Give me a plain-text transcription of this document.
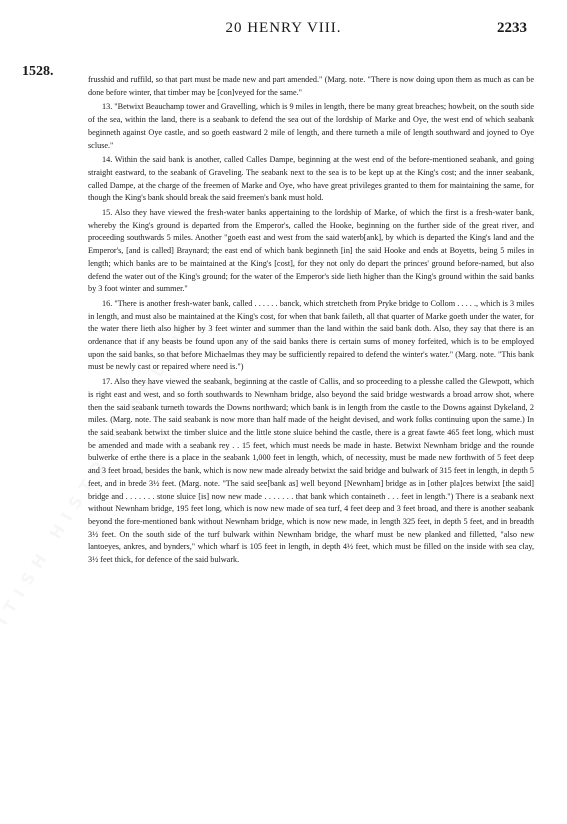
20 HENRY VIII.	2233
1528.

frusshid and ruffild, so that part must be made new and part amended." (Marg. note. "There is now doing upon them as much as can be done before winter, that timber may be [con]veyed for the same."

13. "Betwixt Beauchamp tower and Gravelling, which is 9 miles in length, there be many great breaches; howbeit, on the south side of the sea, within the land, there is a seabank to defend the sea out of the lordship of Marke and Oye, the west end of which seabank beginneth against Oye castle, and so goeth eastward 2 mile of length, and there turneth a mile of length southward and joyned to Oye scluse."

14. Within the said bank is another, called Calles Dampe, beginning at the west end of the before-mentioned seabank, and going straight eastward, to the seabank of Graveling. The seabank next to the sea is to be kept up at the King's cost; and the inner seabank, called Dampe, at the charge of the freemen of Marke and Oye, who have great privileges granted to them for maintaining the same, for though the King's bank should break the said freemen's bank must hold.

15. Also they have viewed the fresh-water banks appertaining to the lordship of Marke, of which the first is a fresh-water bank, whereby the King's ground is departed from the Emperor's, called the Hooke, beginning on the further side of the great river, and proceeding southwards 5 miles. Another "goeth east and west from the said waterb[ank], by which is departed the King's land and the Emperor's, [and is called] Braynard; the east end of which bank beginneth [in] the said Hooke and ends at Boyetts, being 5 miles in length; which banks are to be maintained at the King's [cost], for they not only do depart the princes' ground before-named, but also defend the water out of the King's ground; for the water of the Emperor's side lieth higher than the King's ground within the said banks by 3 foot winter and summer."

16. "There is another fresh-water bank, called . . . . . . banck, which stretcheth from Pryke bridge to Collom . . . . ., which is 3 miles in length, and must also be maintained at the King's cost, for when that bank faileth, all that quarter of Marke goeth under the water, for the water there lieth also higher by 3 feet winter and summer than the land within the said bank doth. Also, they say that there is an ordenance that if any beasts be found upon any of the said banks there is certain sums of money forfeited, which is to be employed upon the said banks, so that before Michaelmas they may be sufficiently repaired to defend the winter's water." (Marg. note. "This bank must be newly cast or repaired where need is.")

17. Also they have viewed the seabank, beginning at the castle of Callis, and so proceeding to a plesshe called the Glewpott, which is right east and west, and so forth southwards to Newnham bridge, also beyond the said bridge westwards a broad arrow shot, where then the said seabank turneth towards the Downs northward; which bank is in length from the castle to the Downs against Dykeland, 2 miles. (Marg. note. The said seabank is now more than half made of the height devised, and work folks continuing upon the same.) In the said seabank betwixt the timber sluice and the little stone sluice behind the castle, there is a great fawte 465 feet long, which must be amended and made with a seabank rey . . 15 feet, which must needs be made in haste. Betwixt Newnham bridge and the rounde bulwerke of erthe there is a place in the seabank 1,000 feet in length, which, of necessity, must be made new forthwith of 5 feet deep and 3 feet broad, besides the bank, which is now new made already betwixt the said bridge and bulwark of 315 feet in length, in depth 5 feet, and in brede 3½ feet. (Marg. note. "The said see[bank as] well beyond [Newnham] bridge as in [other pla]ces betwixt [the said] bridge and . . . . . . . stone sluice [is] now new made . . . . . . . that bank which containeth . . . feet in length.") There is a seabank next without Newnham bridge, 195 feet long, which is now new made of sea turf, 4 feet deep and 3 feet broad, and there is another seabank beyond the fore-mentioned bank without Newnham bridge, which is now new made, in length 325 feet, in depth 5 feet, and in breadth 3½ feet. On the south side of the turf bulwark within Newnham bridge, the wharf must be new planked and filletted, "also new lantoeyes, ankres, and bynders," which wharf is 105 feet in length, in depth 4½ feet, which must be filled on the inside with sea clay, 3½ feet thick, for defence of the said bulwark.
